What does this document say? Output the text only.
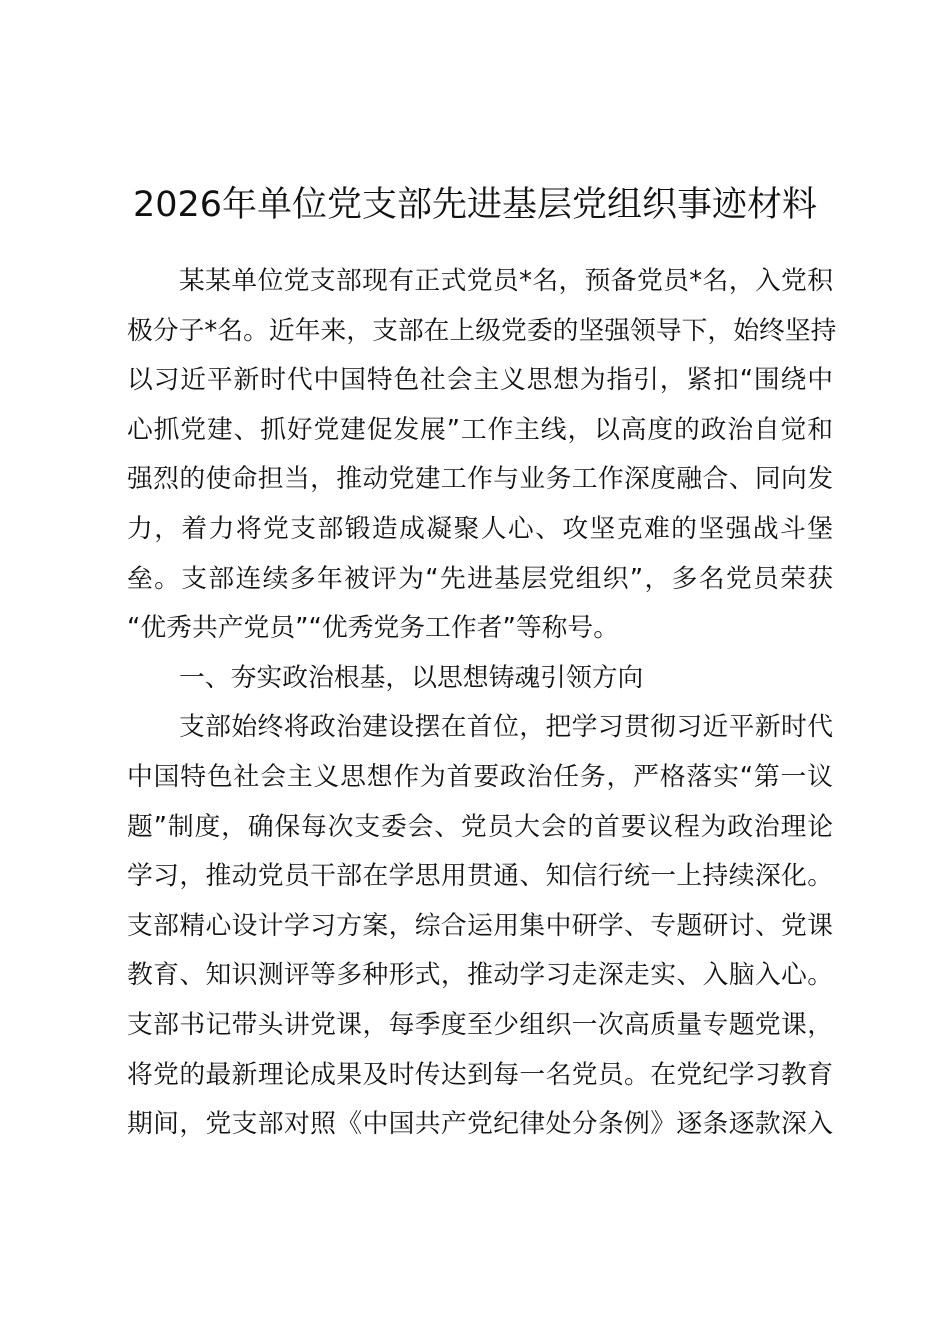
2026年单位党支部先进基层党组织事迹材料
某某单位党支部现有正式党员*名，预备党员*名，入党积
极分子*名。近年来，支部在上级党委的坚强领导下，始终坚持
以习近平新时代中国特色社会主义思想为指引，紧扣“围绕中
心抓党建、抓好党建促发展”工作主线，以高度的政治自觉和
强烈的使命担当，推动党建工作与业务工作深度融合、同向发
力，着力将党支部锻造成凝聚人心、攻坚克难的坚强战斗堡
垒。支部连续多年被评为“先进基层党组织”，多名党员荣获
“优秀共产党员”“优秀党务工作者”等称号。
一、夯实政治根基，以思想铸魂引领方向
支部始终将政治建设摆在首位，把学习贯彻习近平新时代
中国特色社会主义思想作为首要政治任务，严格落实“第一议
题”制度，确保每次支委会、党员大会的首要议程为政治理论
学习，推动党员干部在学思用贯通、知信行统一上持续深化。
支部精心设计学习方案，综合运用集中研学、专题研讨、党课
教育、知识测评等多种形式，推动学习走深走实、入脑入心。
支部书记带头讲党课，每季度至少组织一次高质量专题党课，
将党的最新理论成果及时传达到每一名党员。在党纪学习教育
期间，党支部对照《中国共产党纪律处分条例》逐条逐款深入
